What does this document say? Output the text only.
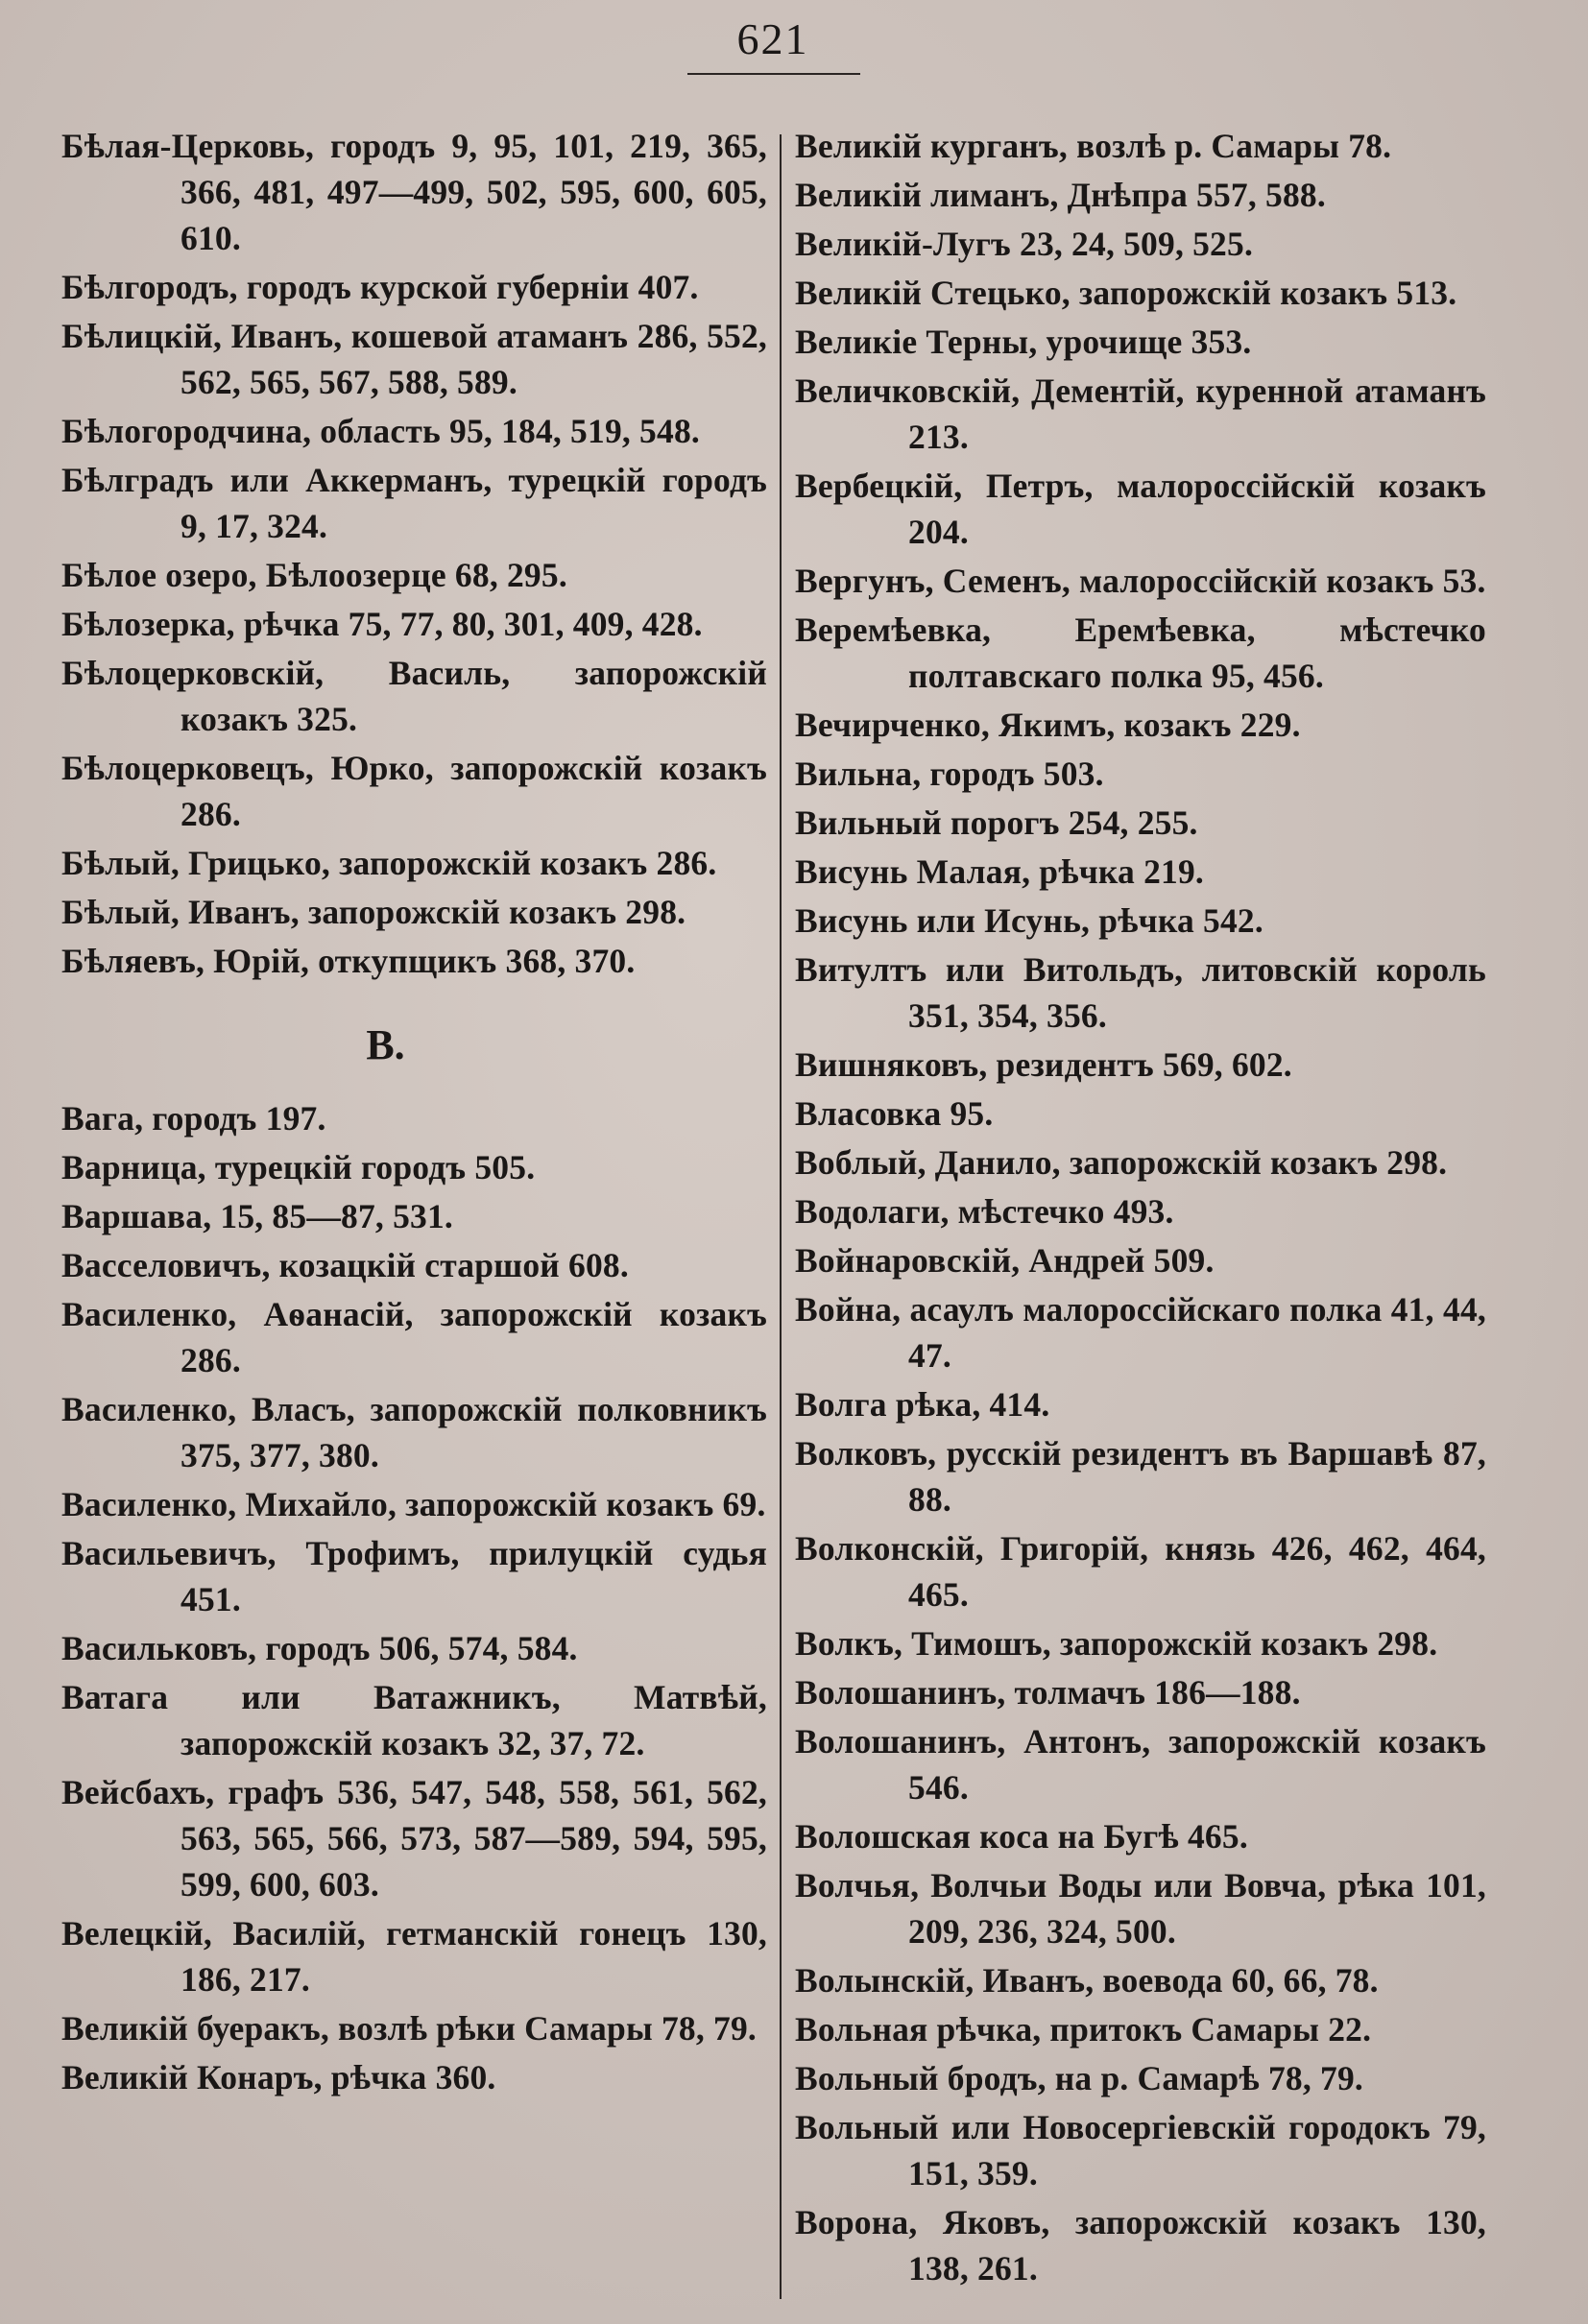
621

Бѣлая-Церковь, городъ 9, 95, 101, 219, 365, 366, 481, 497—499, 502, 595, 600, 605, 610.

Бѣлгородъ, городъ курской губерніи 407.

Бѣлицкій, Иванъ, кошевой атаманъ 286, 552, 562, 565, 567, 588, 589.

Бѣлогородчина, область 95, 184, 519, 548.

Бѣлградъ или Аккерманъ, турецкій городъ 9, 17, 324.

Бѣлое озеро, Бѣлоозерце 68, 295.

Бѣлозерка, рѣчка 75, 77, 80, 301, 409, 428.

Бѣлоцерковскій, Василь, запорожскій козакъ 325.

Бѣлоцерковецъ, Юрко, запорожскій козакъ 286.

Бѣлый, Грицько, запорожскій козакъ 286.

Бѣлый, Иванъ, запорожскій козакъ 298.

Бѣляевъ, Юрій, откупщикъ 368, 370.

В.

Вага, городъ 197.

Варница, турецкій городъ 505.

Варшава, 15, 85—87, 531.

Васселовичъ, козацкій старшой 608.

Василенко, Аѳанасій, запорожскій козакъ 286.

Василенко, Власъ, запорожскій полковникъ 375, 377, 380.

Василенко, Михайло, запорожскій козакъ 69.

Васильевичъ, Трофимъ, прилуцкій судья 451.

Васильковъ, городъ 506, 574, 584.

Ватага или Ватажникъ, Матвѣй, запорожскій козакъ 32, 37, 72.

Вейсбахъ, графъ 536, 547, 548, 558, 561, 562, 563, 565, 566, 573, 587—589, 594, 595, 599, 600, 603.

Велецкій, Василій, гетманскій гонецъ 130, 186, 217.

Великій буеракъ, возлѣ рѣки Самары 78, 79.

Великій Конаръ, рѣчка 360.

Великій курганъ, возлѣ р. Самары 78.

Великій лиманъ, Днѣпра 557, 588.

Великій-Лугъ 23, 24, 509, 525.

Великій Стецько, запорожскій козакъ 513.

Великіе Терны, урочище 353.

Величковскій, Дементій, куренной атаманъ 213.

Вербецкій, Петръ, малороссійскій козакъ 204.

Вергунъ, Семенъ, малороссійскій козакъ 53.

Веремѣевка, Еремѣевка, мѣстечко полтавскаго полка 95, 456.

Вечирченко, Якимъ, козакъ 229.

Вильна, городъ 503.

Вильный порогъ 254, 255.

Висунь Малая, рѣчка 219.

Висунь или Исунь, рѣчка 542.

Витултъ или Витольдъ, литовскій король 351, 354, 356.

Вишняковъ, резидентъ 569, 602.

Власовка 95.

Воблый, Данило, запорожскій козакъ 298.

Водолаги, мѣстечко 493.

Войнаровскій, Андрей 509.

Война, асаулъ малороссійскаго полка 41, 44, 47.

Волга рѣка, 414.

Волковъ, русскій резидентъ въ Варшавѣ 87, 88.

Волконскій, Григорій, князь 426, 462, 464, 465.

Волкъ, Тимошъ, запорожскій козакъ 298.

Волошанинъ, толмачъ 186—188.

Волошанинъ, Антонъ, запорожскій козакъ 546.

Волошская коса на Бугѣ 465.

Волчья, Волчьи Воды или Вовча, рѣка 101, 209, 236, 324, 500.

Волынскій, Иванъ, воевода 60, 66, 78.

Вольная рѣчка, притокъ Самары 22.

Вольный бродъ, на р. Самарѣ 78, 79.

Вольный или Новосергіевскій городокъ 79, 151, 359.

Ворона, Яковъ, запорожскій козакъ 130, 138, 261.
